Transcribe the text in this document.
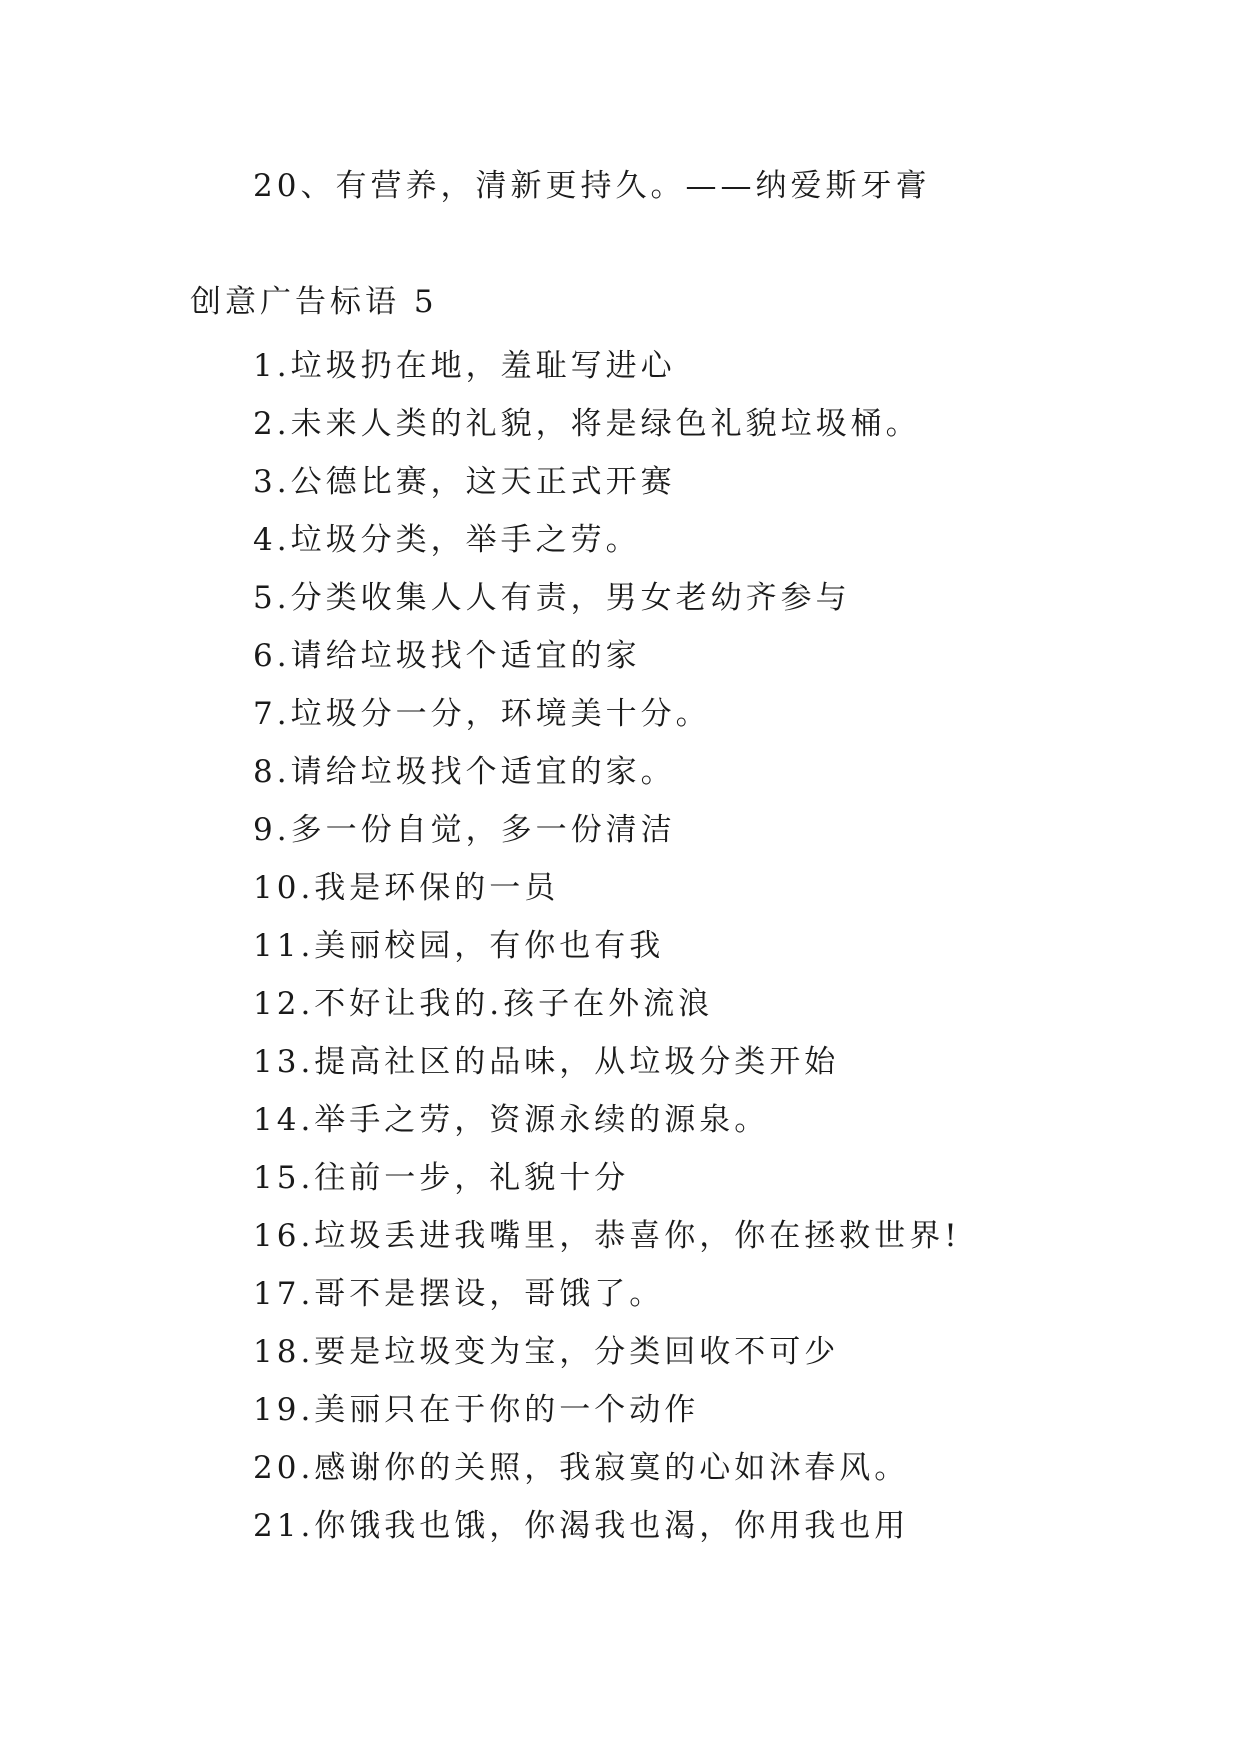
20、有营养，清新更持久。——纳爱斯牙膏
创意广告标语 5
1.垃圾扔在地，羞耻写进心
2.未来人类的礼貌，将是绿色礼貌垃圾桶。
3.公德比赛，这天正式开赛
4.垃圾分类，举手之劳。
5.分类收集人人有责，男女老幼齐参与
6.请给垃圾找个适宜的家
7.垃圾分一分，环境美十分。
8.请给垃圾找个适宜的家。
9.多一份自觉，多一份清洁
10.我是环保的一员
11.美丽校园，有你也有我
12.不好让我的.孩子在外流浪
13.提高社区的品味，从垃圾分类开始
14.举手之劳，资源永续的源泉。
15.往前一步，礼貌十分
16.垃圾丢进我嘴里，恭喜你，你在拯救世界!
17.哥不是摆设，哥饿了。
18.要是垃圾变为宝，分类回收不可少
19.美丽只在于你的一个动作
20.感谢你的关照，我寂寞的心如沐春风。
21.你饿我也饿，你渴我也渴，你用我也用
